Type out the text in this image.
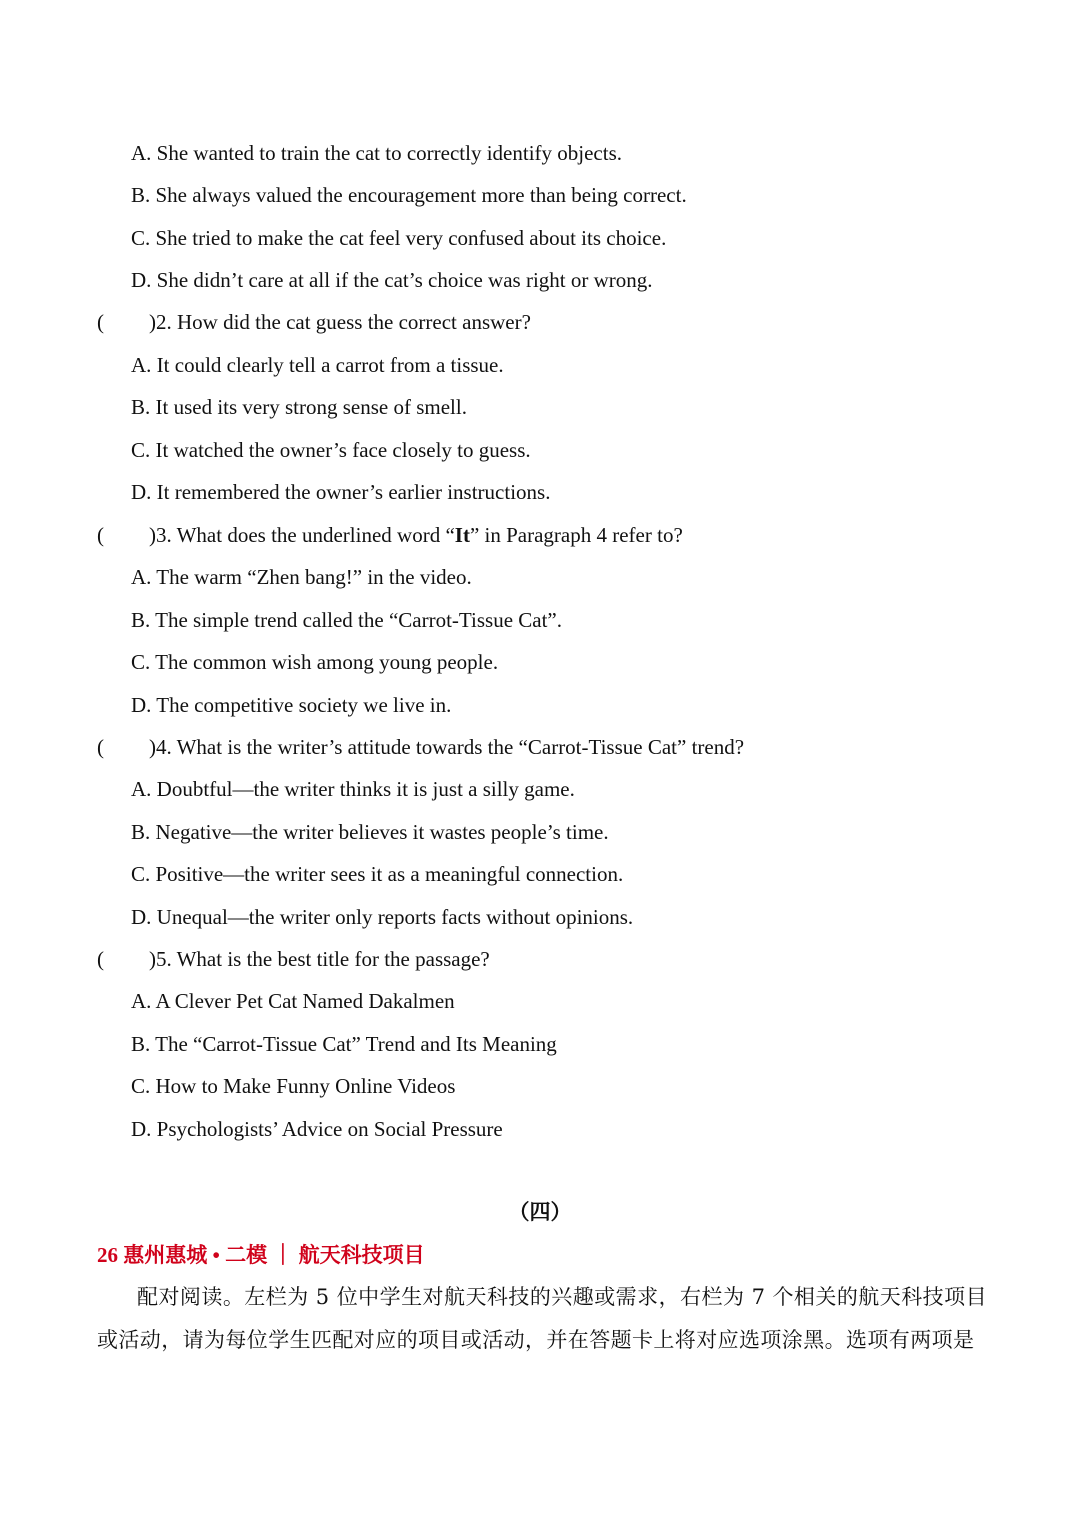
A. She wanted to train the cat to correctly identify objects.
B. She always valued the encouragement more than being correct.
C. She tried to make the cat feel very confused about its choice.
D. She didn’t care at all if the cat’s choice was right or wrong.
( )2. How did the cat guess the correct answer?
A. It could clearly tell a carrot from a tissue.
B. It used its very strong sense of smell.
C. It watched the owner’s face closely to guess.
D. It remembered the owner’s earlier instructions.
( )3. What does the underlined word “It” in Paragraph 4 refer to?
A. The warm “Zhen bang!” in the video.
B. The simple trend called the “Carrot-Tissue Cat”.
C. The common wish among young people.
D. The competitive society we live in.
( )4. What is the writer’s attitude towards the “Carrot-Tissue Cat” trend?
A. Doubtful—the writer thinks it is just a silly game.
B. Negative—the writer believes it wastes people’s time.
C. Positive—the writer sees it as a meaningful connection.
D. Unequal—the writer only reports facts without opinions.
( )5. What is the best title for the passage?
A. A Clever Pet Cat Named Dakalmen
B. The “Carrot-Tissue Cat” Trend and Its Meaning
C. How to Make Funny Online Videos
D. Psychologists’ Advice on Social Pressure
（四）
26 惠州惠城 • 二模 ｜ 航天科技项目
配对阅读。左栏为 5 位中学生对航天科技的兴趣或需求，右栏为 7 个相关的航天科技项目或活动，请为每位学生匹配对应的项目或活动，并在答题卡上将对应选项涂黑。选项有两项是
